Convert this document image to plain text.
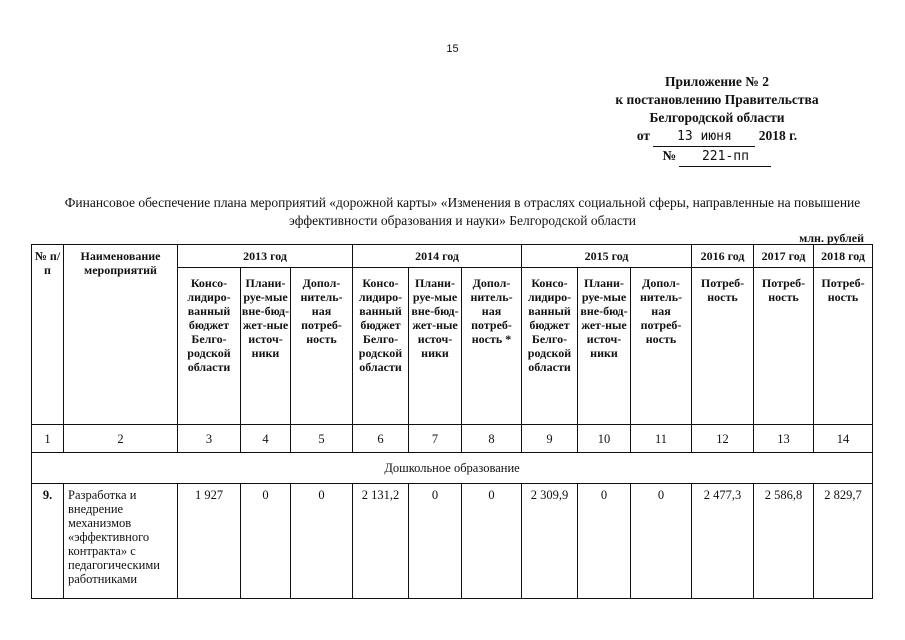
15
Приложение № 2
к постановлению Правительства
Белгородской области
от 13 июня 2018 г.
№ 221-пп
Финансовое обеспечение плана мероприятий «дорожной карты» «Изменения в отраслях социальной сферы, направленные на повышение эффективности образования и науки» Белгородской области
млн. рублей
№ п/п	Наименование мероприятий	2013 год			2014 год			2015 год			2016 год	2017 год	2018 год
		Консо-лидиро-ванный бюджет Белго-родской области	Плани-руе-мые вне-бюд-жет-ные источ-ники	Допол-нитель-ная потреб-ность	Консо-лидиро-ванный бюджет Белго-родской области	Плани-руе-мые вне-бюд-жет-ные источ-ники	Допол-нитель-ная потреб-ность *	Консо-лидиро-ванный бюджет Белго-родской области	Плани-руе-мые вне-бюд-жет-ные источ-ники	Допол-нитель-ная потреб-ность	Потреб-ность	Потреб-ность	Потреб-ность
1	2	3	4	5	6	7	8	9	10	11	12	13	14
Дошкольное образование													
9.	Разработка и внедрение механизмов «эффективного контракта» с педагогическими работниками	1 927	0	0	2 131,2	0	0	2 309,9	0	0	2 477,3	2 586,8	2 829,7
